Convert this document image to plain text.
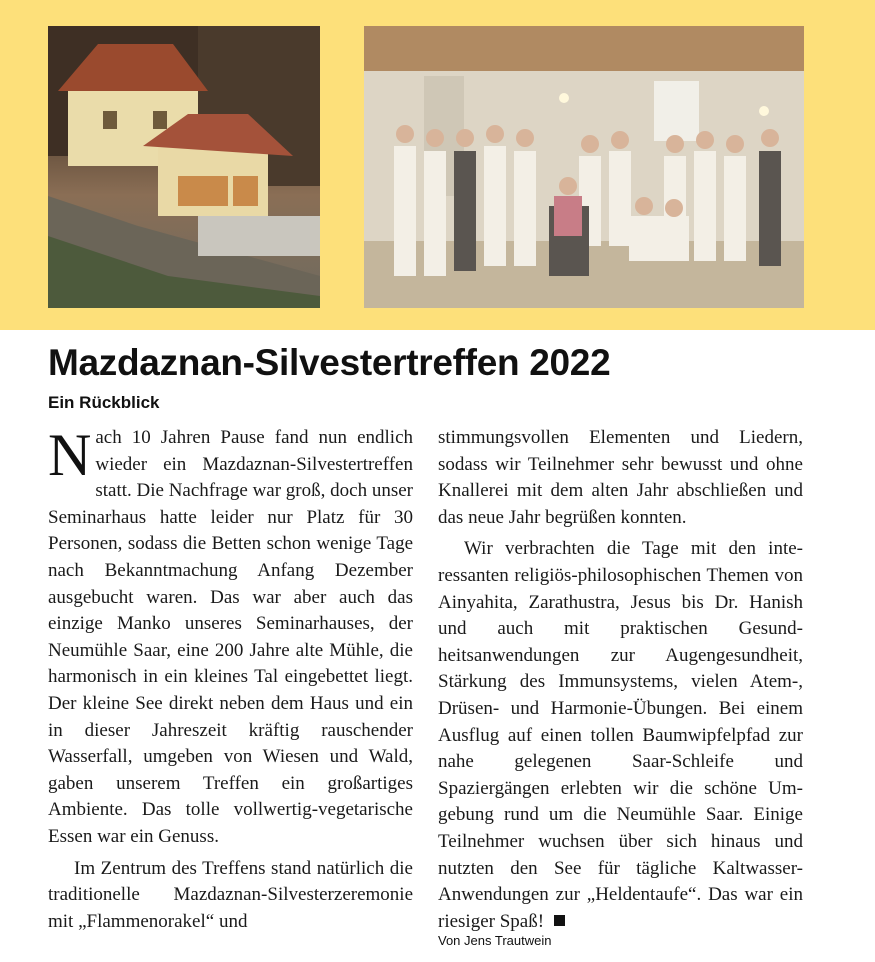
Mazdaznan-Silvestertreffen 2022
Ein Rückblick

Nach 10 Jahren Pause fand nun endlich wieder ein Mazdaznan-Silvestertreffen statt. Die Nachfrage war groß, doch unser Seminarhaus hatte leider nur Platz für 30 Personen, sodass die Betten schon wenige Tage nach Bekanntmachung Anfang Dezember ausgebucht waren. Das war aber auch das einzige Manko unseres Seminarhauses, der Neumühle Saar, eine 200 Jahre alte Mühle, die harmonisch in ein kleines Tal eingebettet liegt. Der kleine See direkt neben dem Haus und ein in dieser Jahreszeit kräftig rauschender Wasserfall, umgeben von Wiesen und Wald, gaben unserem Treffen ein großartiges Ambiente. Das tolle vollwertig-vegetarische Essen war ein Genuss.

Im Zentrum des Treffens stand natürlich die traditionelle Mazdaznan-Silvesterzeremonie mit „Flammenorakel“ und

stimmungsvollen Elementen und Liedern, sodass wir Teilnehmer sehr bewusst und ohne Knallerei mit dem alten Jahr abschließen und das neue Jahr begrüßen konnten.

Wir verbrachten die Tage mit den interessanten religiös-philosophischen Themen von Ainyahita, Zarathustra, Jesus bis Dr. Hanish und auch mit praktischen Gesundheitsanwendungen zur Augengesundheit, Stärkung des Immunsystems, vielen Atem-, Drüsen- und Harmonie-Übungen. Bei einem Ausflug auf einen tollen Baumwipfelpfad zur nahe gelegenen Saar-Schleife und Spaziergängen erlebten wir die schöne Umgebung rund um die Neumühle Saar. Einige Teilnehmer wuchsen über sich hinaus und nutzten den See für tägliche Kaltwasser-Anwendungen zur „Heldentaufe“. Das war ein riesiger Spaß!

Von Jens Trautwein
